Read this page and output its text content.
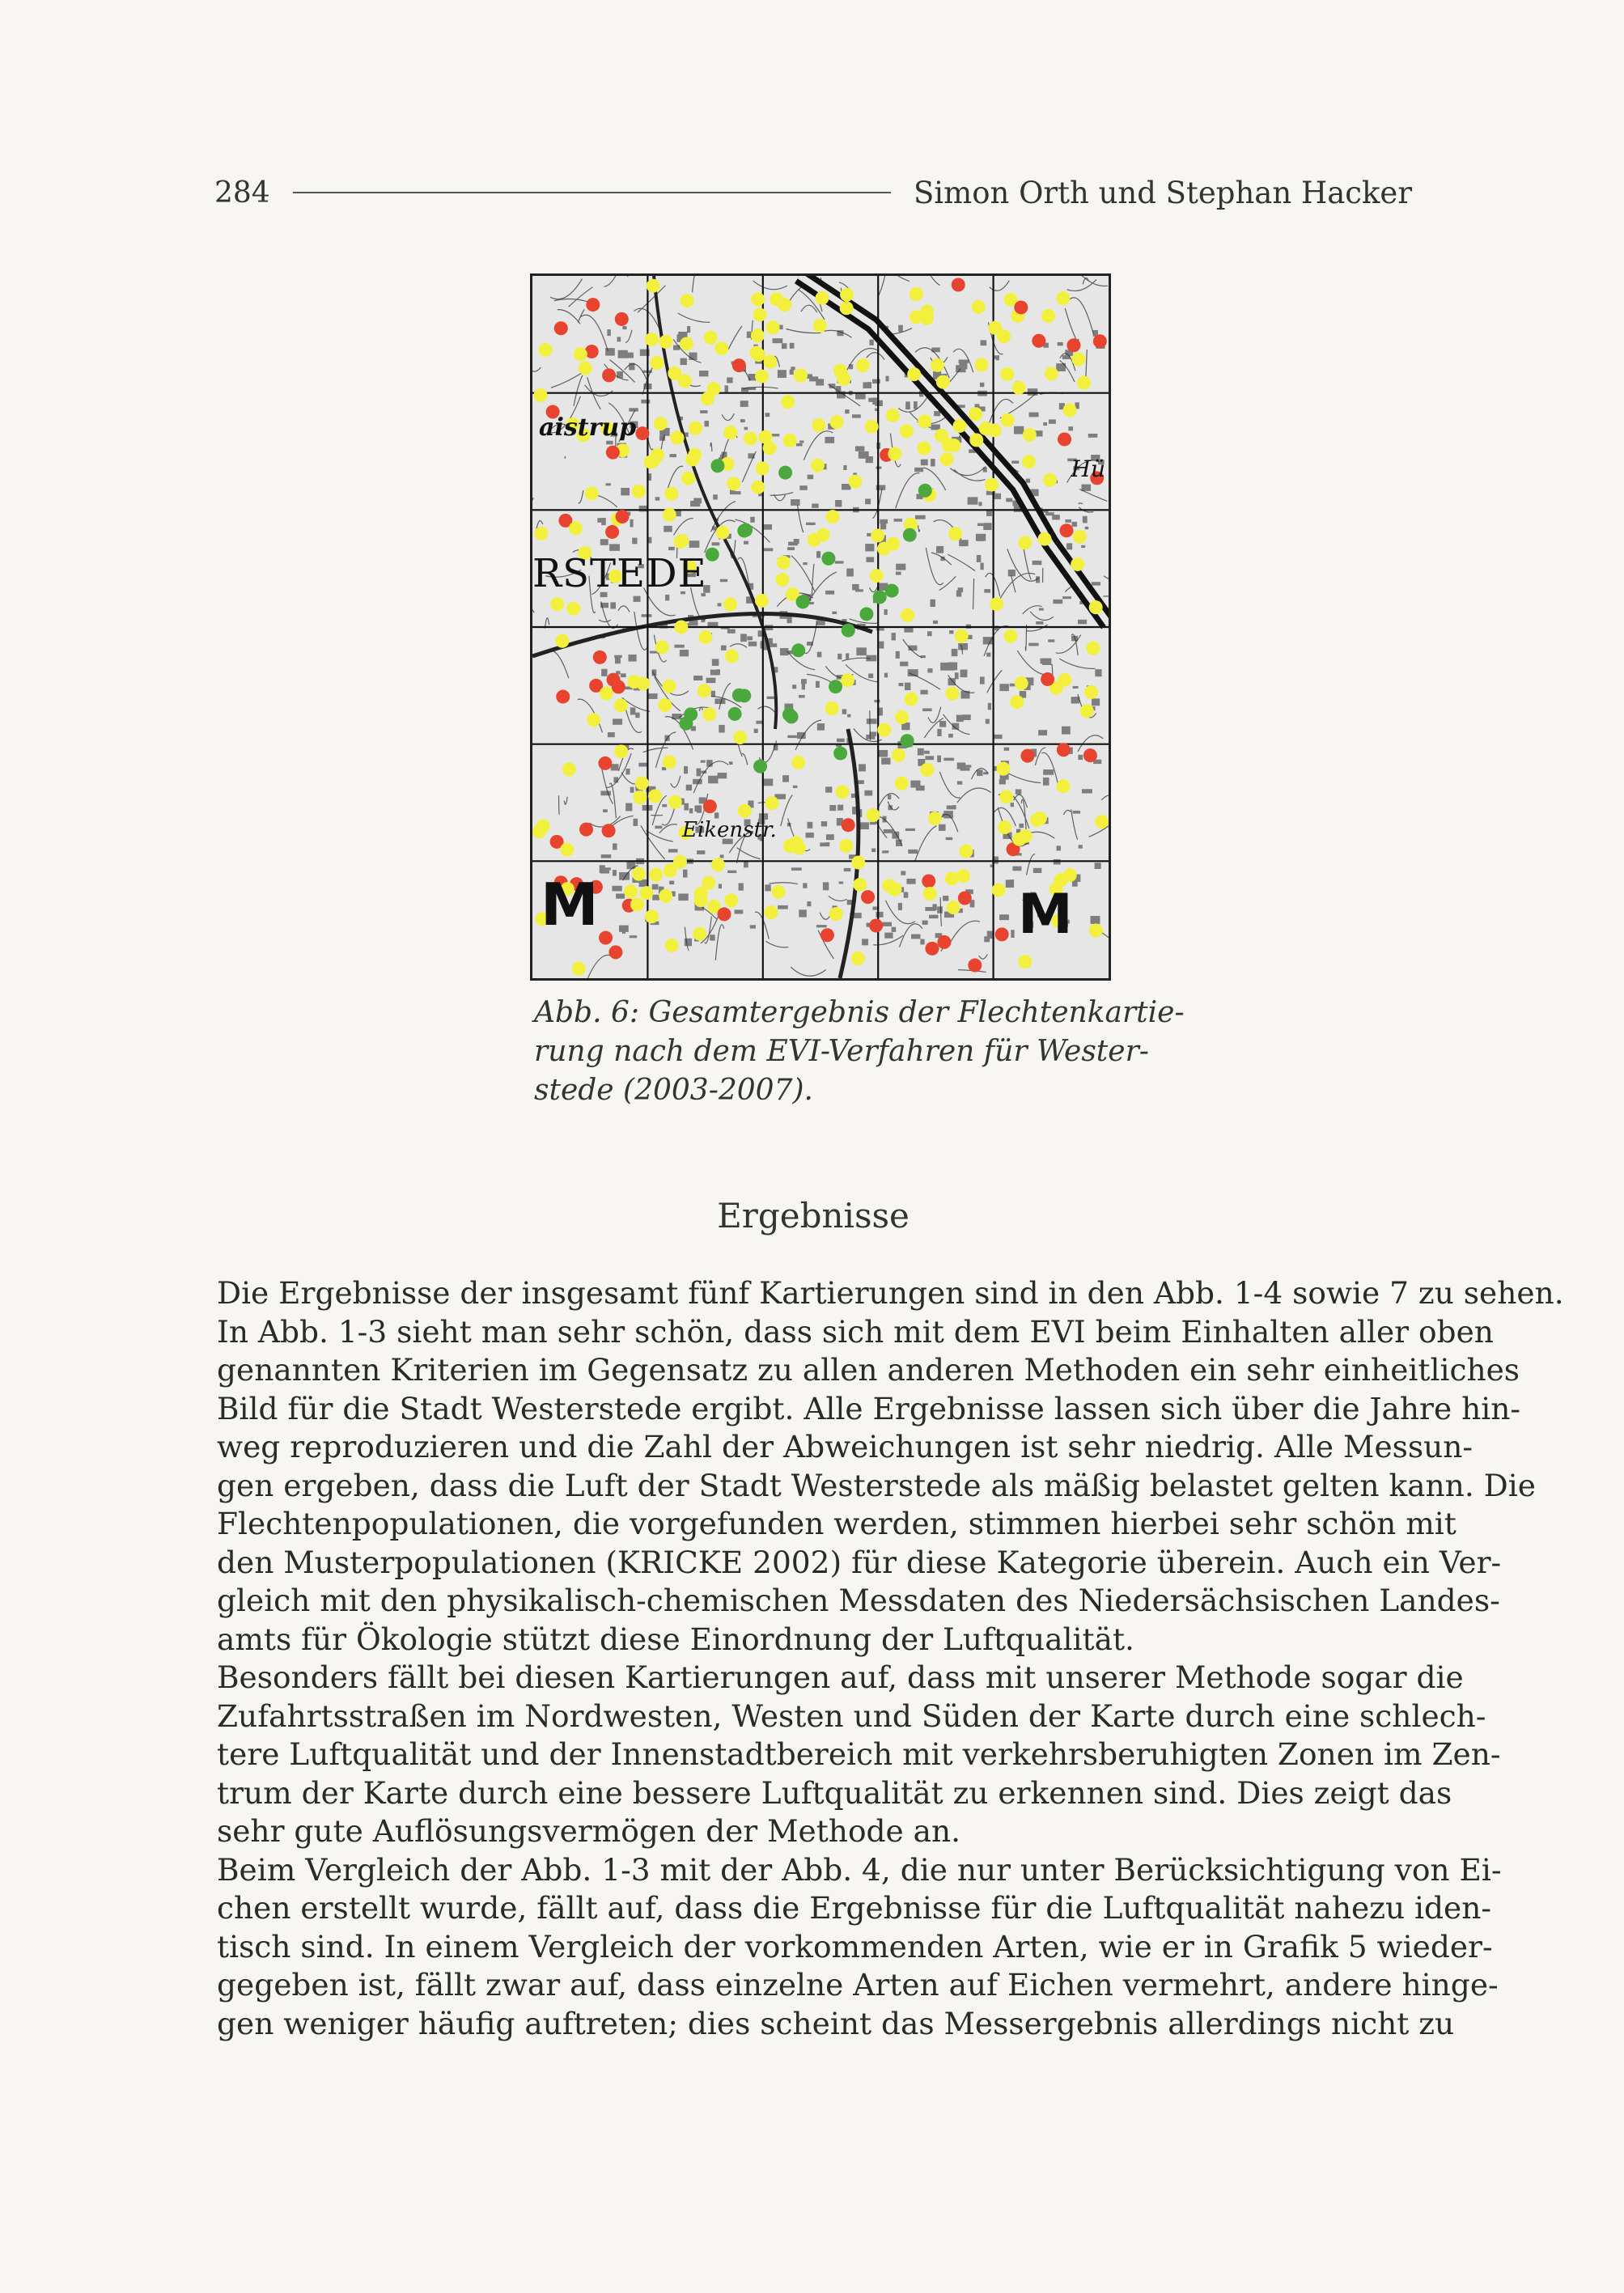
284	Simon Orth und Stephan Hacker
aistrup
Hü
RSTEDE
Eikenstr.
M	M
Abb. 6: Gesamtergebnis der Flechtenkartie-
rung nach dem EVI-Verfahren für Wester-
stede (2003-2007).
Ergebnisse
Die Ergebnisse der insgesamt fünf Kartierungen sind in den Abb. 1-4 sowie 7 zu sehen.
In Abb. 1-3 sieht man sehr schön, dass sich mit dem EVI beim Einhalten aller oben
genannten Kriterien im Gegensatz zu allen anderen Methoden ein sehr einheitliches
Bild für die Stadt Westerstede ergibt. Alle Ergebnisse lassen sich über die Jahre hin-
weg reproduzieren und die Zahl der Abweichungen ist sehr niedrig. Alle Messun-
gen ergeben, dass die Luft der Stadt Westerstede als mäßig belastet gelten kann. Die
Flechtenpopulationen, die vorgefunden werden, stimmen hierbei sehr schön mit
den Musterpopulationen (KRICKE 2002) für diese Kategorie überein. Auch ein Ver-
gleich mit den physikalisch-chemischen Messdaten des Niedersächsischen Landes-
amts für Ökologie stützt diese Einordnung der Luftqualität.
Besonders fällt bei diesen Kartierungen auf, dass mit unserer Methode sogar die
Zufahrtsstraßen im Nordwesten, Westen und Süden der Karte durch eine schlech-
tere Luftqualität und der Innenstadtbereich mit verkehrsberuhigten Zonen im Zen-
trum der Karte durch eine bessere Luftqualität zu erkennen sind. Dies zeigt das
sehr gute Auflösungsvermögen der Methode an.
Beim Vergleich der Abb. 1-3 mit der Abb. 4, die nur unter Berücksichtigung von Ei-
chen erstellt wurde, fällt auf, dass die Ergebnisse für die Luftqualität nahezu iden-
tisch sind. In einem Vergleich der vorkommenden Arten, wie er in Grafik 5 wieder-
gegeben ist, fällt zwar auf, dass einzelne Arten auf Eichen vermehrt, andere hinge-
gen weniger häufig auftreten; dies scheint das Messergebnis allerdings nicht zu
